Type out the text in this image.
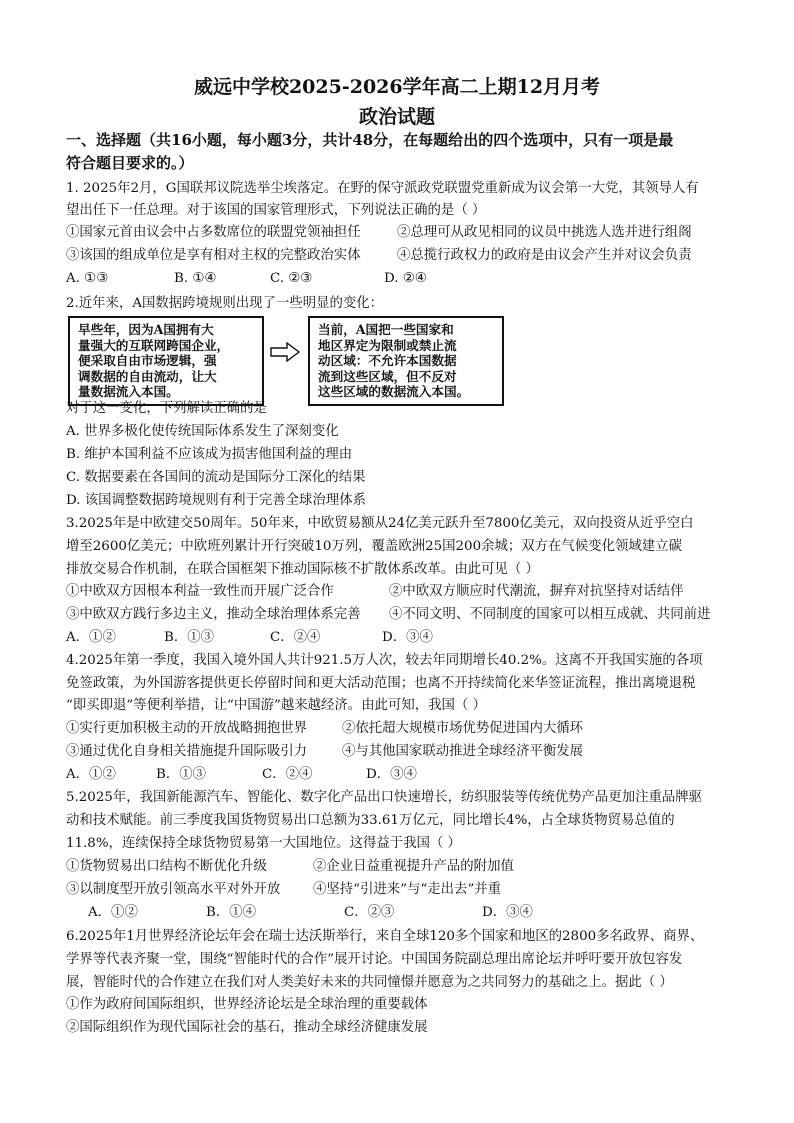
威远中学校2025-2026学年高二上期12月月考
政治试题
一、选择题（共16小题，每小题3分，共计48分，在每题给出的四个选项中，只有一项是最
符合题目要求的。）
1. 2025年2月，G国联邦议院选举尘埃落定。在野的保守派政党联盟党重新成为议会第一大党，其领导人有
望出任下一任总理。对于该国的国家管理形式，下列说法正确的是（ ）
①国家元首由议会中占多数席位的联盟党领袖担任	②总理可从政见相同的议员中挑选人选并进行组阁
③该国的组成单位是享有相对主权的完整政治实体	④总揽行政权力的政府是由议会产生并对议会负责
A. ①③	B. ①④	C. ②③	D. ②④
2.近年来，A国数据跨境规则出现了一些明显的变化：
早些年，因为A国拥有大
量强大的互联网跨国企业，
便采取自由市场逻辑，强
调数据的自由流动，让大
量数据流入本国。
当前，A国把一些国家和
地区界定为限制或禁止流
动区域：不允许本国数据
流到这些区域，但不反对
这些区域的数据流入本国。
对于这一变化，下列解读正确的是
A. 世界多极化使传统国际体系发生了深刻变化
B. 维护本国利益不应该成为损害他国利益的理由
C. 数据要素在各国间的流动是国际分工深化的结果
D. 该国调整数据跨境规则有利于完善全球治理体系
3.2025年是中欧建交50周年。50年来，中欧贸易额从24亿美元跃升至7800亿美元，双向投资从近乎空白
增至2600亿美元；中欧班列累计开行突破10万列，覆盖欧洲25国200余城；双方在气候变化领域建立碳
排放交易合作机制，在联合国框架下推动国际核不扩散体系改革。由此可见（ ）
①中欧双方因根本利益一致性而开展广泛合作	②中欧双方顺应时代潮流，摒弃对抗坚持对话结伴
③中欧双方践行多边主义，推动全球治理体系完善 ④不同文明、不同制度的国家可以相互成就、共同前进
A．①②	B．①③	C．②④	D．③④
4.2025年第一季度，我国入境外国人共计921.5万人次，较去年同期增长40.2%。这离不开我国实施的各项
免签政策，为外国游客提供更长停留时间和更大活动范围；也离不开持续简化来华签证流程，推出离境退税
“即买即退”等便利举措，让“中国游”越来越经济。由此可知，我国（ ）
①实行更加积极主动的开放战略拥抱世界	②依托超大规模市场优势促进国内大循环
③通过优化自身相关措施提升国际吸引力	④与其他国家联动推进全球经济平衡发展
A．①②	B．①③	C．②④	D．③④
5.2025年，我国新能源汽车、智能化、数字化产品出口快速增长，纺织服装等传统优势产品更加注重品牌驱
动和技术赋能。前三季度我国货物贸易出口总额为33.61万亿元，同比增长4%，占全球货物贸易总值的
11.8%，连续保持全球货物贸易第一大国地位。这得益于我国（ ）
①货物贸易出口结构不断优化升级	②企业日益重视提升产品的附加值
③以制度型开放引领高水平对外开放 ④坚持“引进来”与“走出去”并重
A．①②	B．①④	C．②③	D．③④
6.2025年1月世界经济论坛年会在瑞士达沃斯举行，来自全球120多个国家和地区的2800多名政界、商界、
学界等代表齐聚一堂，围绕“智能时代的合作”展开讨论。中国国务院副总理出席论坛并呼吁要开放包容发
展，智能时代的合作建立在我们对人类美好未来的共同憧憬并愿意为之共同努力的基础之上。据此（ ）
①作为政府间国际组织，世界经济论坛是全球治理的重要载体
②国际组织作为现代国际社会的基石，推动全球经济健康发展
